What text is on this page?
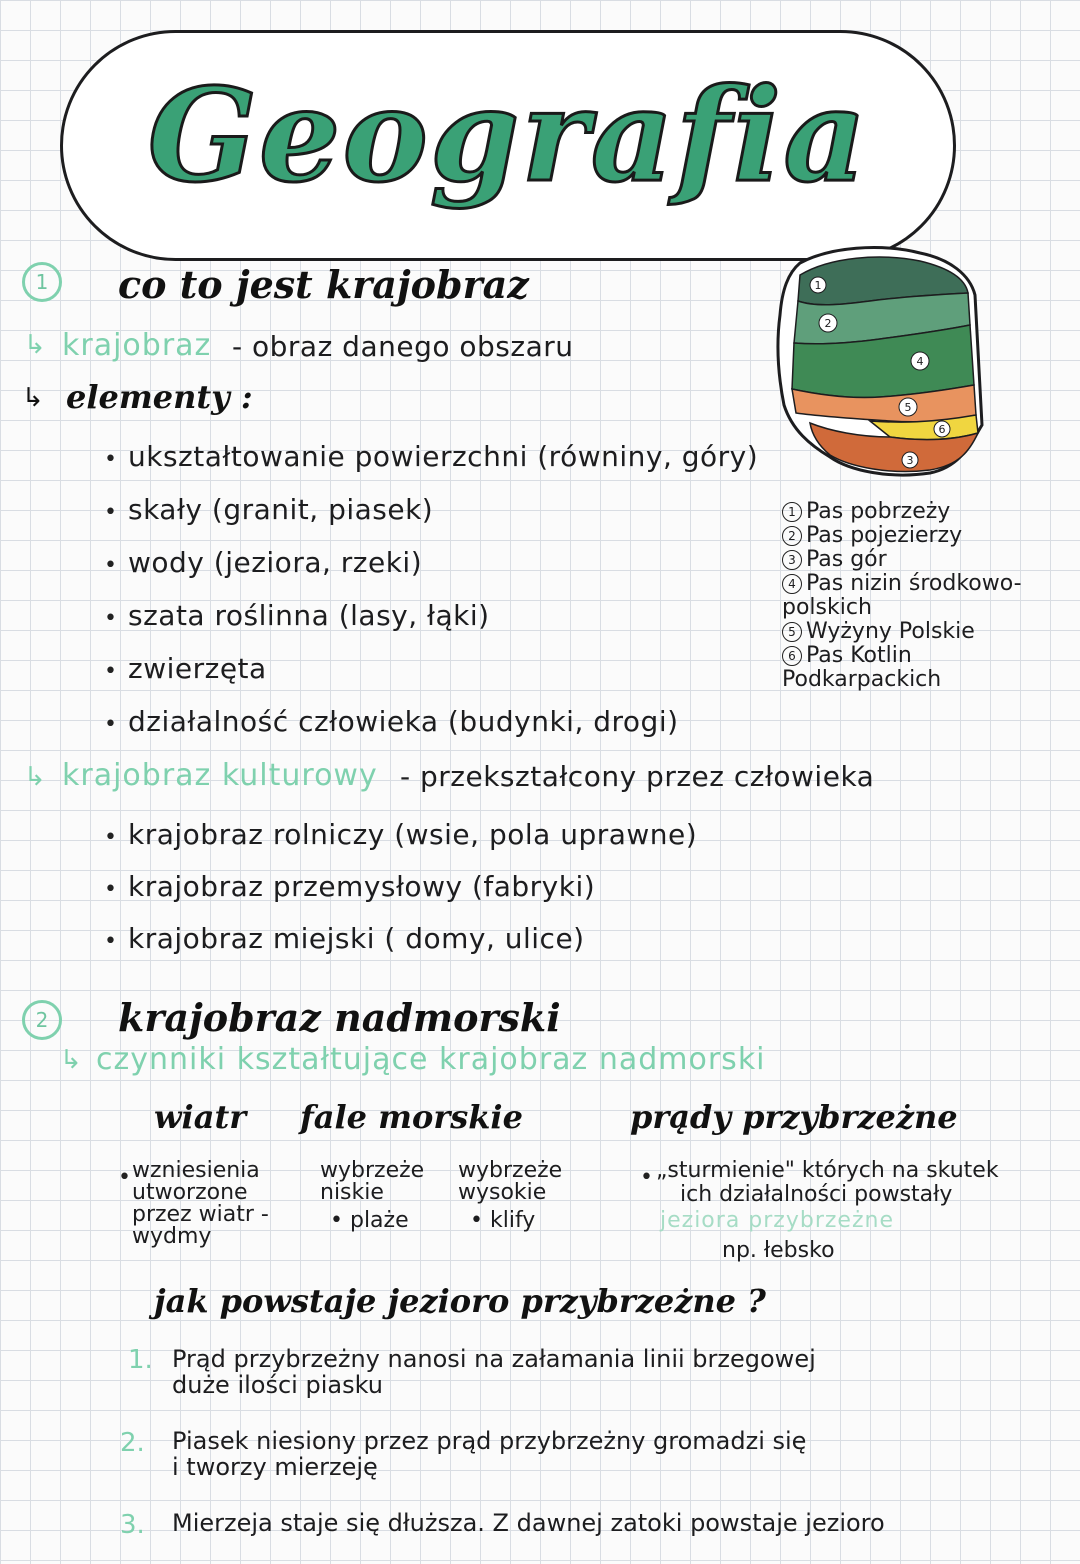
Geografia
1	co to jest krajobraz
↳ krajobraz - obraz danego obszaru
↳ elementy :
• ukształtowanie powierzchni (równiny, góry)
• skały (granit, piasek)
• wody (jeziora, rzeki)
• szata roślinna (lasy, łąki)
• zwierzęta
• działalność człowieka (budynki, drogi)
↳ krajobraz kulturowy - przekształcony przez człowieka
• krajobraz rolniczy (wsie, pola uprawne)
• krajobraz przemysłowy (fabryki)
• krajobraz miejski ( domy, ulice)
1
2
3
4
5
6
1 Pas pobrzeży
2 Pas pojezierzy
3 Pas gór
4 Pas nizin środkowo-polskich
5 Wyżyny Polskie
6 Pas Kotlin Podkarpackich
2	krajobraz nadmorski
↳ czynniki kształtujące krajobraz nadmorski
wiatr fale morskie	prądy przybrzeżne
• wzniesienia utworzone przez wiatr - wydmy
wybrzeże niskie
• plaże
wybrzeże wysokie
• klify
• „sturmienie" których na skutek
ich działalności powstały
jeziora przybrzeżne
np. łebsko
jak powstaje jezioro przybrzeżne ?
1. Prąd przybrzeżny nanosi na załamania linii brzegowej
duże ilości piasku
2. Piasek niesiony przez prąd przybrzeżny gromadzi się
i tworzy mierzeję
3. Mierzeja staje się dłuższa. Z dawnej zatoki powstaje jezioro
